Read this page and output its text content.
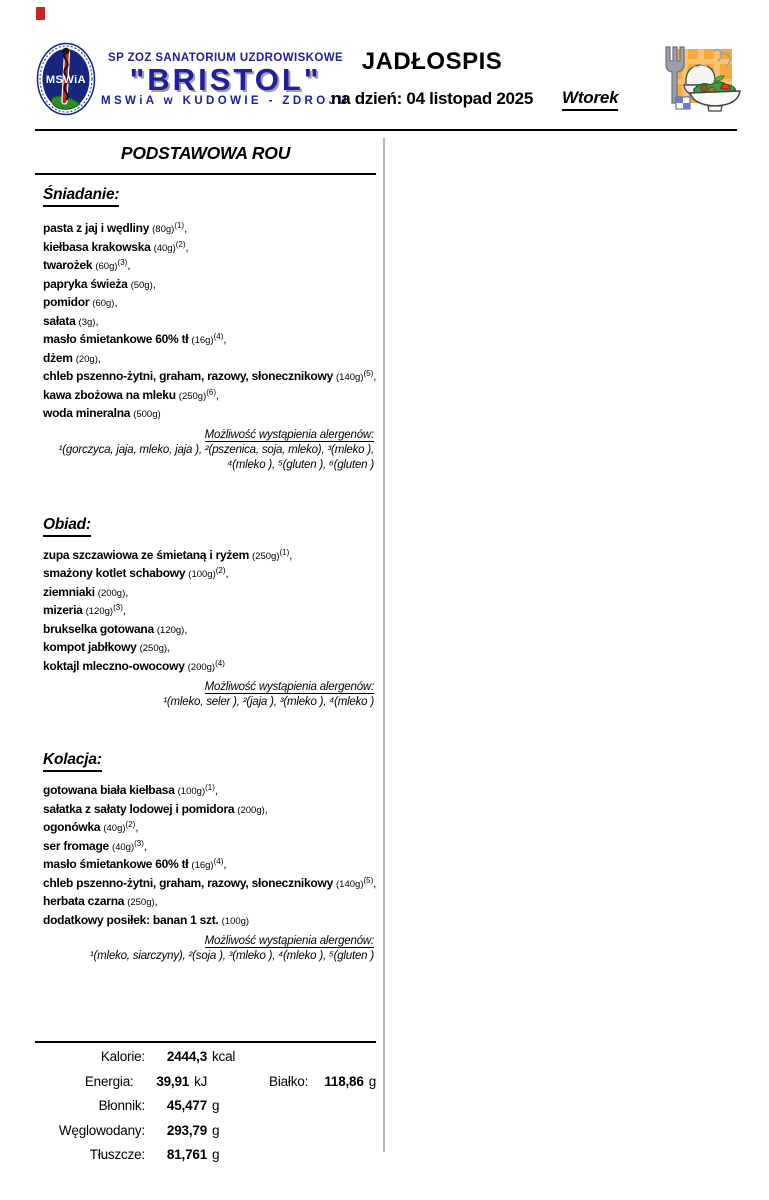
MSWiA
SP ZOZ SANATORIUM UZDROWISKOWE
"BRISTOL"
MSWiA w KUDOWIE - ZDROJU
JADŁOSPIS
na dzień: 04 listopad 2025	Wtorek
PODSTAWOWA ROU
Śniadanie:
pasta z jaj i wędliny $(80g)^{(1)}$,
kiełbasa krakowska $(40g)^{(2)}$,
twarożek $(60g)^{(3)}$,
papryka świeża (50g),
pomidor (60g),
sałata (3g),
masło śmietankowe 60% tł $(16g)^{(4)}$,
dżem (20g),
chleb pszenno-żytni, graham, razowy, słonecznikowy $(140g)^{(5)}$,
kawa zbożowa na mleku $(250g)^{(6)}$,
woda mineralna (500g)
Możliwość wystąpienia alergenów:
¹(gorczyca, jaja, mleko, jaja ), ²(pszenica, soja, mleko), ³(mleko ),
⁴(mleko ), ⁵(gluten ), ⁶(gluten )
Obiad:
zupa szczawiowa ze śmietaną i ryżem $(250g)^{(1)}$,
smażony kotlet schabowy $(100g)^{(2)}$,
ziemniaki (200g),
mizeria $(120g)^{(3)}$,
brukselka gotowana (120g),
kompot jabłkowy (250g),
koktajl mleczno-owocowy $(200g)^{(4)}$
Możliwość wystąpienia alergenów:
¹(mleko, seler ), ²(jaja ), ³(mleko ), ⁴(mleko )
Kolacja:
gotowana biała kiełbasa $(100g)^{(1)}$,
sałatka z sałaty lodowej i pomidora (200g),
ogonówka $(40g)^{(2)}$,
ser fromage $(40g)^{(3)}$,
masło śmietankowe 60% tł $(16g)^{(4)}$,
chleb pszenno-żytni, graham, razowy, słonecznikowy $(140g)^{(5)}$,
herbata czarna (250g),
dodatkowy posiłek: banan 1 szt. (100g)
Możliwość wystąpienia alergenów:
¹(mleko, siarczyny), ²(soja ), ³(mleko ), ⁴(mleko ), ⁵(gluten )
Kalorie:	2444,3 kcal
Energia:	39,91 kJ	Białko:	118,86 g
Błonnik:	45,477 g
Węglowodany:	293,79 g
Tłuszcze:	81,761 g
